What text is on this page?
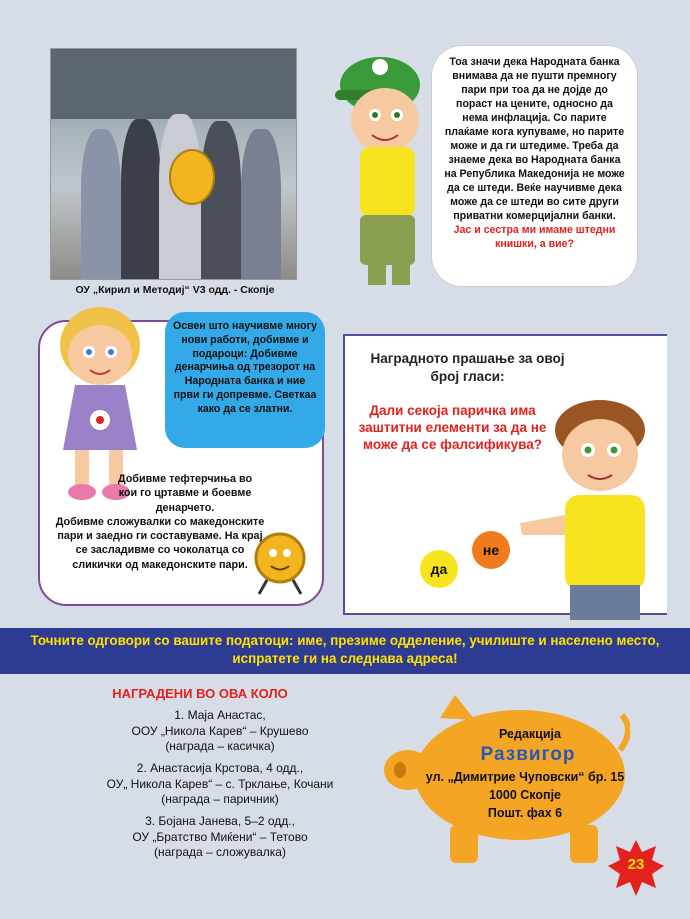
ОУ „Кирил и Методиј“ V3 одд. - Скопје
Тоа значи дека Народната банка внимава да не пушти премногу пари при тоа да не дојде до пораст на цените, односно да нема инфлација. Со парите плаќаме кога купуваме, но парите може и да ги штедиме. Треба да знаеме дека во Народната банка на Република Македонија не може да се штеди. Веќе научивме дека може да се штеди во сите други приватни комерцијални банки. Јас и сестра ми имаме штедни книшки, а вие?
Освен што научивме многу нови работи, добивме и подароци: Добивме денарчиња од трезорот на Народната банка и ние први ги допревме. Светкаа како да се златни.
Добивме тефтерчиња во кои го цртавме и боевме денарчето.
Добивме сложувалки со македонските пари и заедно ги составуваме. На крај се засладивме со чоколатца со сликички од македонските пари.
Наградното прашање за овој број гласи:
Дали секоја паричка има заштитни елементи за да не може да се фалсификува?
да
не
Точните одговори со вашите податоци: име, презиме одделение, училиште и населено место, испратете ги на следнава адреса!
НАГРАДЕНИ ВО ОВА КОЛО
1. Маја Анастас,
ООУ „Никола Карев“ – Крушево
(награда – касичка)
2. Анастасија Крстова, 4 одд.,
ОУ„ Никола Карев“ – с. Трклање, Кочани
(награда – паричник)
3. Бојана Јанева, 5–2 одд.,
ОУ „Братство Миќени“ – Тетово
(награда – сложувалка)
Редакција
Развигор
ул. „Димитрие Чуповски“ бр. 15
1000 Скопје
Пошт. фах 6
23
